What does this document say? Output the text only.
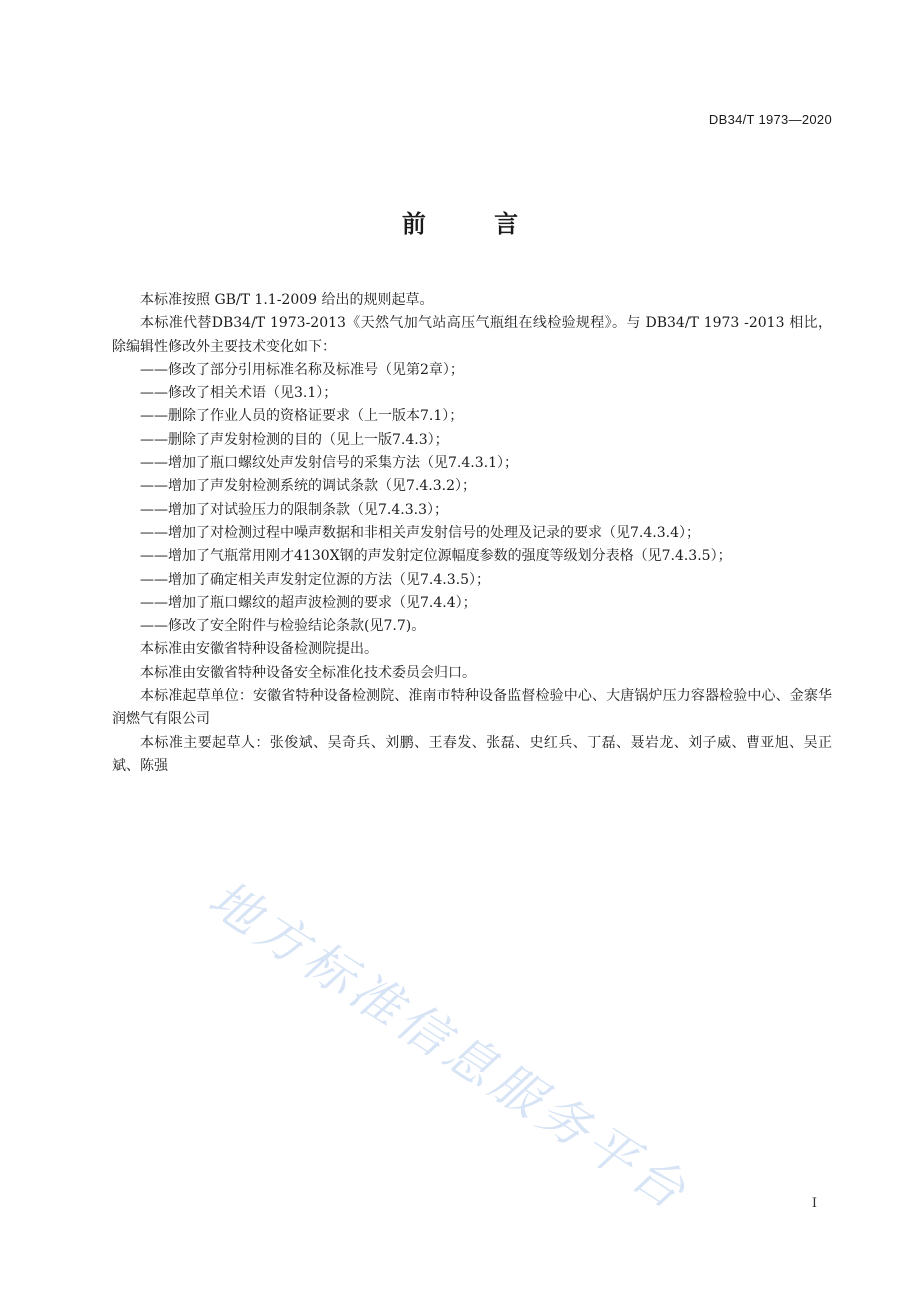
DB34/T 1973—2020
前 言

本标准按照 GB/T 1.1-2009 给出的规则起草。

本标准代替DB34/T 1973-2013《天然气加气站高压气瓶组在线检验规程》。与 DB34/T 1973 -2013 相比，除编辑性修改外主要技术变化如下：

——修改了部分引用标准名称及标准号（见第2章）；

——修改了相关术语（见3.1）；

——删除了作业人员的资格证要求（上一版本7.1）；

——删除了声发射检测的目的（见上一版7.4.3）；

——增加了瓶口螺纹处声发射信号的采集方法（见7.4.3.1）；

——增加了声发射检测系统的调试条款（见7.4.3.2）；

——增加了对试验压力的限制条款（见7.4.3.3）；

——增加了对检测过程中噪声数据和非相关声发射信号的处理及记录的要求（见7.4.3.4）；

——增加了气瓶常用刚才4130X钢的声发射定位源幅度参数的强度等级划分表格（见7.4.3.5）；

——增加了确定相关声发射定位源的方法（见7.4.3.5）；

——增加了瓶口螺纹的超声波检测的要求（见7.4.4）；

——修改了安全附件与检验结论条款(见7.7)。

本标准由安徽省特种设备检测院提出。

本标准由安徽省特种设备安全标准化技术委员会归口。

本标准起草单位：安徽省特种设备检测院、淮南市特种设备监督检验中心、大唐锅炉压力容器检验中心、金寨华润燃气有限公司

本标准主要起草人：张俊斌、吴奇兵、刘鹏、王春发、张磊、史红兵、丁磊、聂岩龙、刘子威、曹亚旭、吴正斌、陈强

地方标准信息服务平台	I
